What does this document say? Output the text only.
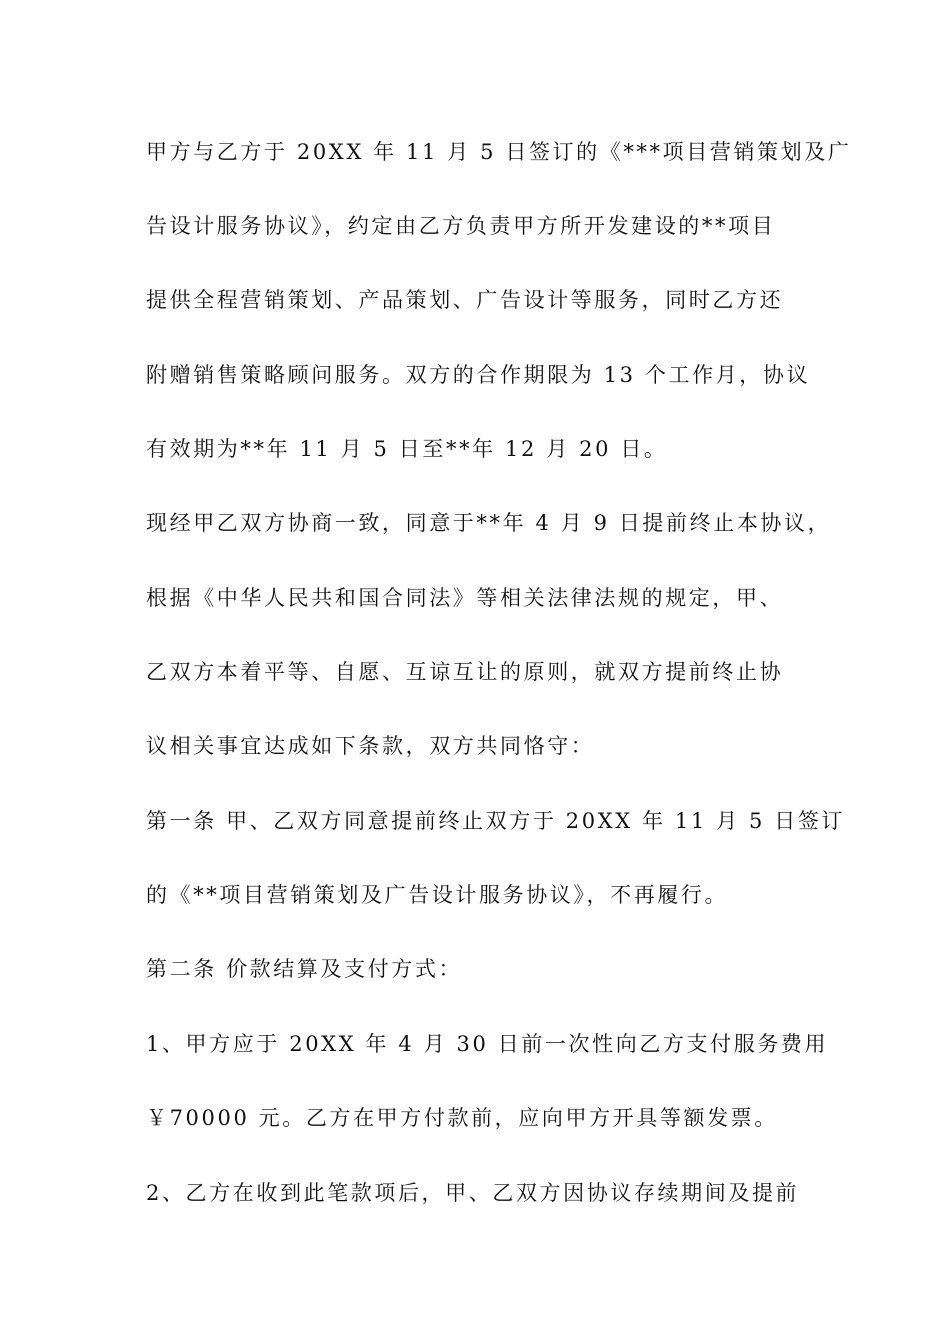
甲方与乙方于 20XX 年 11 月 5 日签订的《***项目营销策划及广
告设计服务协议》，约定由乙方负责甲方所开发建设的**项目
提供全程营销策划、产品策划、广告设计等服务，同时乙方还
附赠销售策略顾问服务。双方的合作期限为 13 个工作月，协议
有效期为**年 11 月 5 日至**年 12 月 20 日。
现经甲乙双方协商一致，同意于**年 4 月 9 日提前终止本协议，
根据《中华人民共和国合同法》等相关法律法规的规定，甲、
乙双方本着平等、自愿、互谅互让的原则，就双方提前终止协
议相关事宜达成如下条款，双方共同恪守：
第一条 甲、乙双方同意提前终止双方于 20XX 年 11 月 5 日签订
的《**项目营销策划及广告设计服务协议》，不再履行。
第二条 价款结算及支付方式：
1、甲方应于 20XX 年 4 月 30 日前一次性向乙方支付服务费用
￥70000 元。乙方在甲方付款前，应向甲方开具等额发票。
2、乙方在收到此笔款项后，甲、乙双方因协议存续期间及提前
